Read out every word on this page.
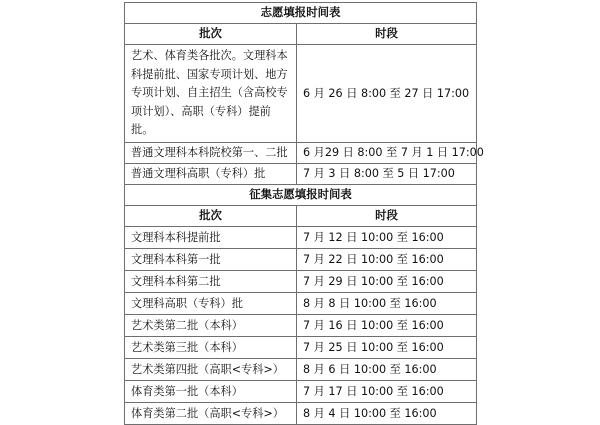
志愿填报时间表	
批次	时段
艺术、体育类各批次。文理科本科提前批、国家专项计划、地方专项计划、自主招生（含高校专项计划）、高职（专科）提前批。	6 月 26 日 8:00 至 27 日 17:00
普通文理科本科院校第一、二批	6 月29 日 8:00 至 7 月 1 日 17:00
普通文理科高职（专科）批	7 月 3 日 8:00 至 5 日 17:00
征集志愿填报时间表	
批次	时段
文理科本科提前批	7 月 12 日 10:00 至 16:00
文理科本科第一批	7 月 22 日 10:00 至 16:00
文理科本科第二批	7 月 29 日 10:00 至 16:00
文理科高职（专科）批	8 月 8 日 10:00 至 16:00
艺术类第二批（本科）	7 月 16 日 10:00 至 16:00
艺术类第三批（本科）	7 月 25 日 10:00 至 16:00
艺术类第四批（高职<专科>）	8 月 6 日 10:00 至 16:00
体育类第一批（本科）	7 月 17 日 10:00 至 16:00
体育类第二批（高职<专科>）	8 月 4 日 10:00 至 16:00
